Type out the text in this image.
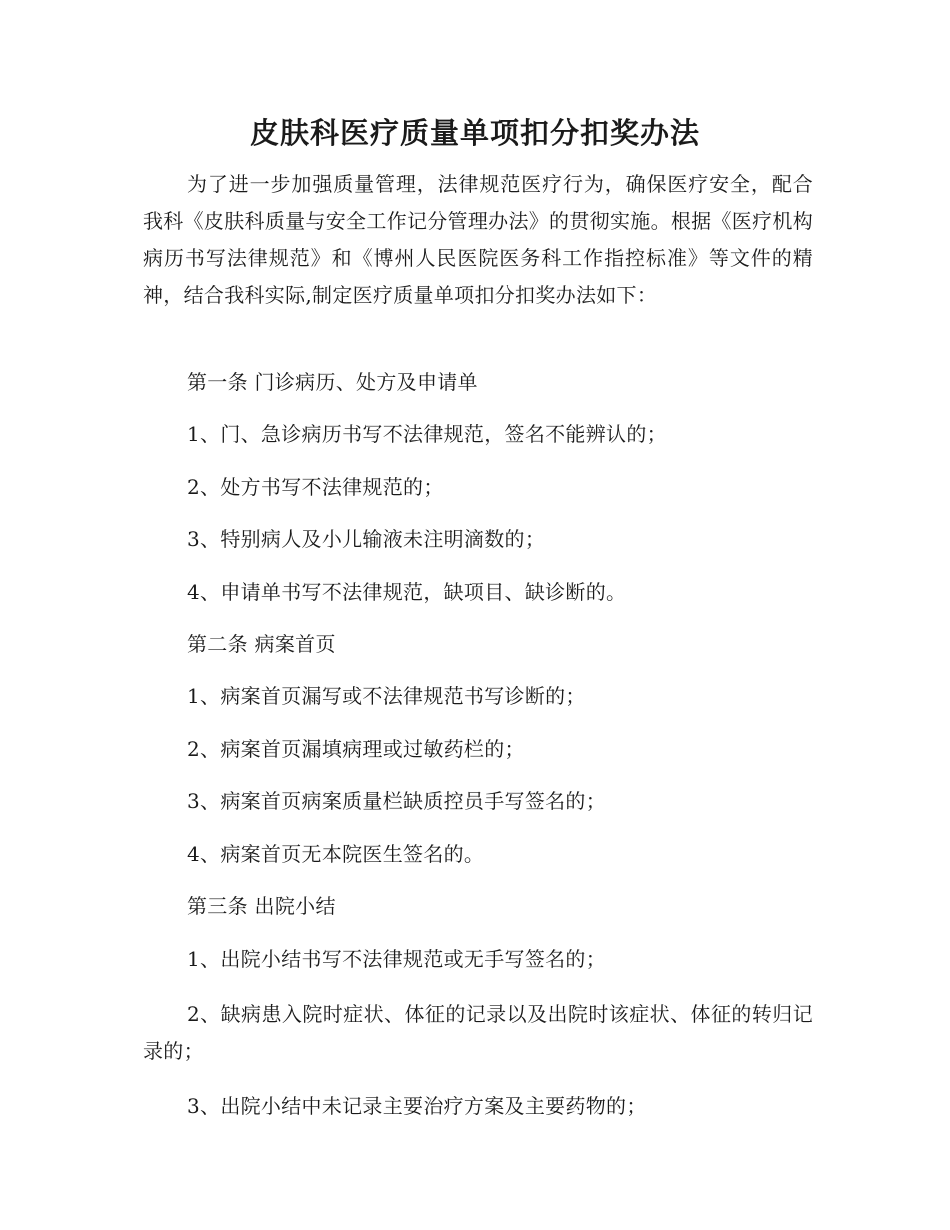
皮肤科医疗质量单项扣分扣奖办法

为了进一步加强质量管理，法律规范医疗行为，确保医疗安全，配合我科《皮肤科质量与安全工作记分管理办法》的贯彻实施。根据《医疗机构病历书写法律规范》和《博州人民医院医务科工作指控标准》等文件的精神，结合我科实际,制定医疗质量单项扣分扣奖办法如下：

第一条 门诊病历、处方及申请单

1、门、急诊病历书写不法律规范，签名不能辨认的；

2、处方书写不法律规范的；

3、特别病人及小儿输液未注明滴数的；

4、申请单书写不法律规范，缺项目、缺诊断的。

第二条 病案首页

1、病案首页漏写或不法律规范书写诊断的；

2、病案首页漏填病理或过敏药栏的；

3、病案首页病案质量栏缺质控员手写签名的；

4、病案首页无本院医生签名的。

第三条 出院小结

1、出院小结书写不法律规范或无手写签名的；

2、缺病患入院时症状、体征的记录以及出院时该症状、体征的转归记录的；

3、出院小结中未记录主要治疗方案及主要药物的；
